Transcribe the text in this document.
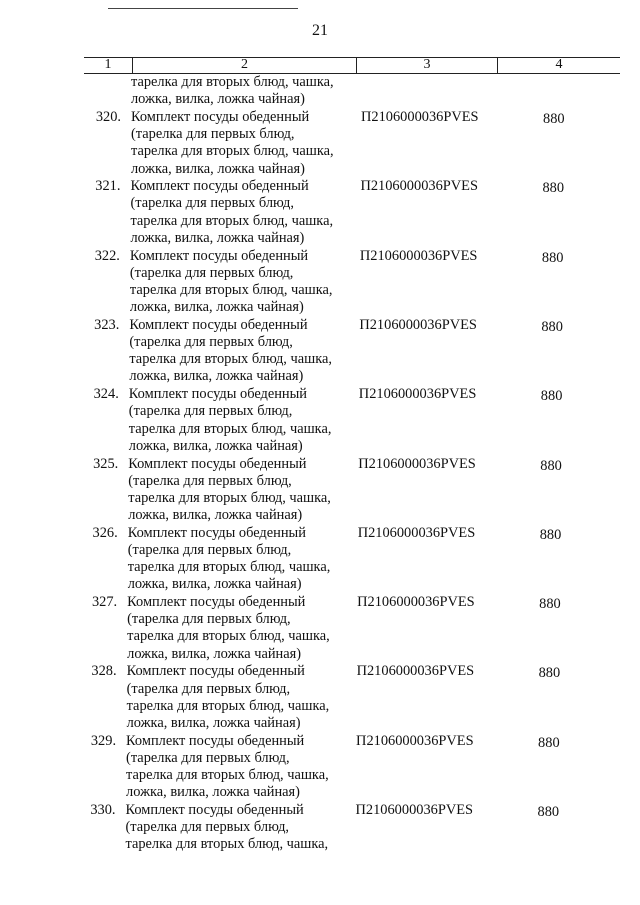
21
1	2	3	4
тарелка для вторых блюд, чашка,
ложка, вилка, ложка чайная)
320. Комплект посуды обеденный
(тарелка для первых блюд,
тарелка для вторых блюд, чашка,
ложка, вилка, ложка чайная)
П2106000036PVES	880
321. Комплект посуды обеденный
(тарелка для первых блюд,
тарелка для вторых блюд, чашка,
ложка, вилка, ложка чайная)
П2106000036PVES	880
322. Комплект посуды обеденный
(тарелка для первых блюд,
тарелка для вторых блюд, чашка,
ложка, вилка, ложка чайная)
П2106000036PVES	880
323. Комплект посуды обеденный
(тарелка для первых блюд,
тарелка для вторых блюд, чашка,
ложка, вилка, ложка чайная)
П2106000036PVES	880
324. Комплект посуды обеденный
(тарелка для первых блюд,
тарелка для вторых блюд, чашка,
ложка, вилка, ложка чайная)
П2106000036PVES	880
325. Комплект посуды обеденный
(тарелка для первых блюд,
тарелка для вторых блюд, чашка,
ложка, вилка, ложка чайная)
П2106000036PVES	880
326. Комплект посуды обеденный
(тарелка для первых блюд,
тарелка для вторых блюд, чашка,
ложка, вилка, ложка чайная)
П2106000036PVES	880
327. Комплект посуды обеденный
(тарелка для первых блюд,
тарелка для вторых блюд, чашка,
ложка, вилка, ложка чайная)
П2106000036PVES	880
328. Комплект посуды обеденный
(тарелка для первых блюд,
тарелка для вторых блюд, чашка,
ложка, вилка, ложка чайная)
П2106000036PVES	880
329. Комплект посуды обеденный
(тарелка для первых блюд,
тарелка для вторых блюд, чашка,
ложка, вилка, ложка чайная)
П2106000036PVES	880
330. Комплект посуды обеденный
(тарелка для первых блюд,
тарелка для вторых блюд, чашка,
П2106000036PVES	880
